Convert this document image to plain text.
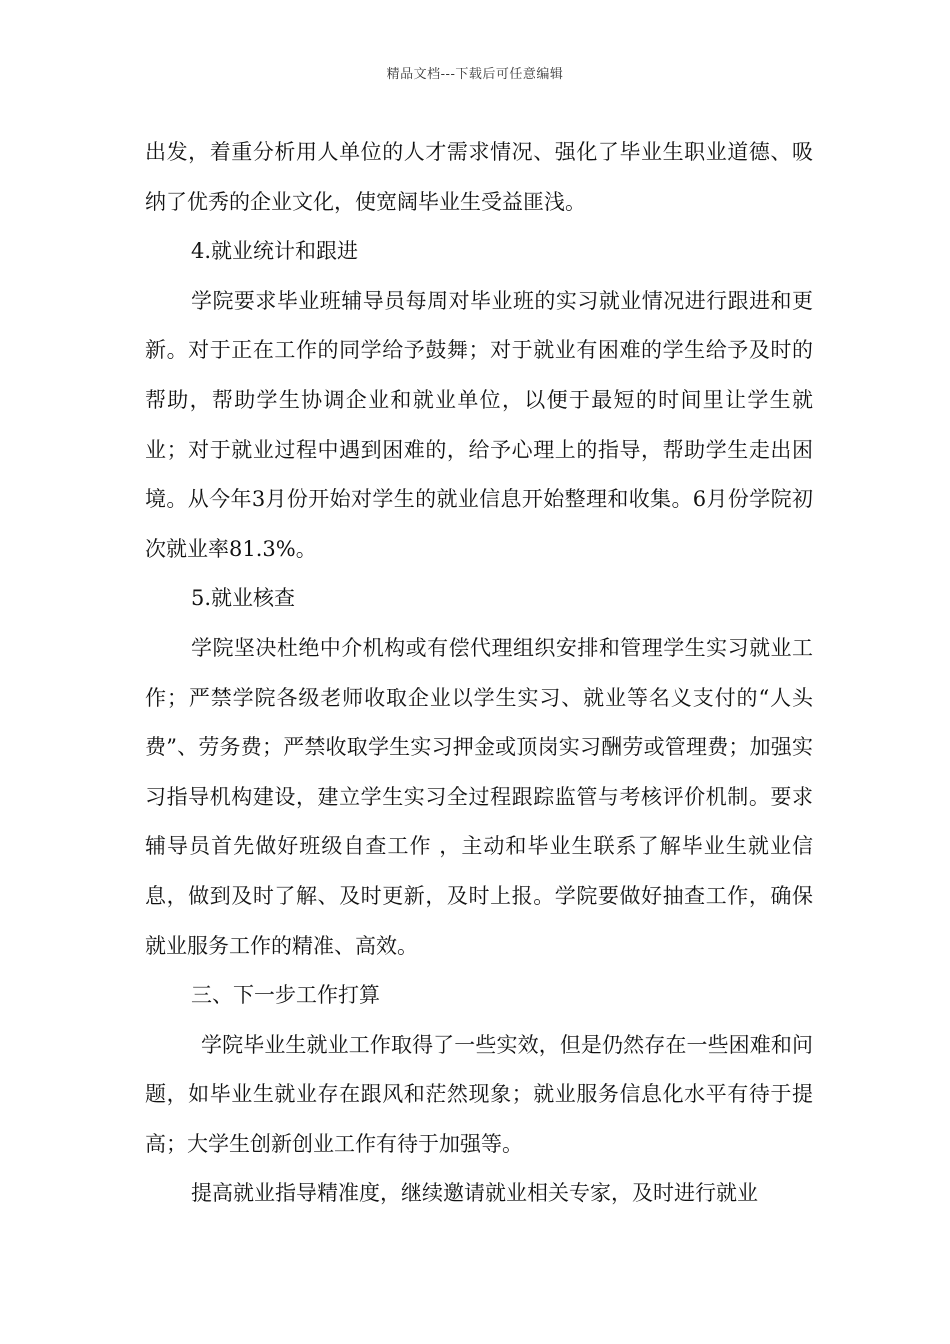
精品文档---下载后可任意编辑

出发，着重分析用人单位的人才需求情况、强化了毕业生职业道德、吸纳了优秀的企业文化，使宽阔毕业生受益匪浅。

4.就业统计和跟进

学院要求毕业班辅导员每周对毕业班的实习就业情况进行跟进和更新。对于正在工作的同学给予鼓舞；对于就业有困难的学生给予及时的帮助，帮助学生协调企业和就业单位，以便于最短的时间里让学生就业；对于就业过程中遇到困难的，给予心理上的指导，帮助学生走出困境。从今年3月份开始对学生的就业信息开始整理和收集。6月份学院初次就业率81.3%。

5.就业核查

学院坚决杜绝中介机构或有偿代理组织安排和管理学生实习就业工作；严禁学院各级老师收取企业以学生实习、就业等名义支付的“人头费”、劳务费；严禁收取学生实习押金或顶岗实习酬劳或管理费；加强实习指导机构建设，建立学生实习全过程跟踪监管与考核评价机制。要求辅导员首先做好班级自查工作 ，主动和毕业生联系了解毕业生就业信息，做到及时了解、及时更新，及时上报。学院要做好抽查工作，确保就业服务工作的精准、高效。

三、下一步工作打算

学院毕业生就业工作取得了一些实效，但是仍然存在一些困难和问题，如毕业生就业存在跟风和茫然现象；就业服务信息化水平有待于提高；大学生创新创业工作有待于加强等。

提高就业指导精准度，继续邀请就业相关专家，及时进行就业
